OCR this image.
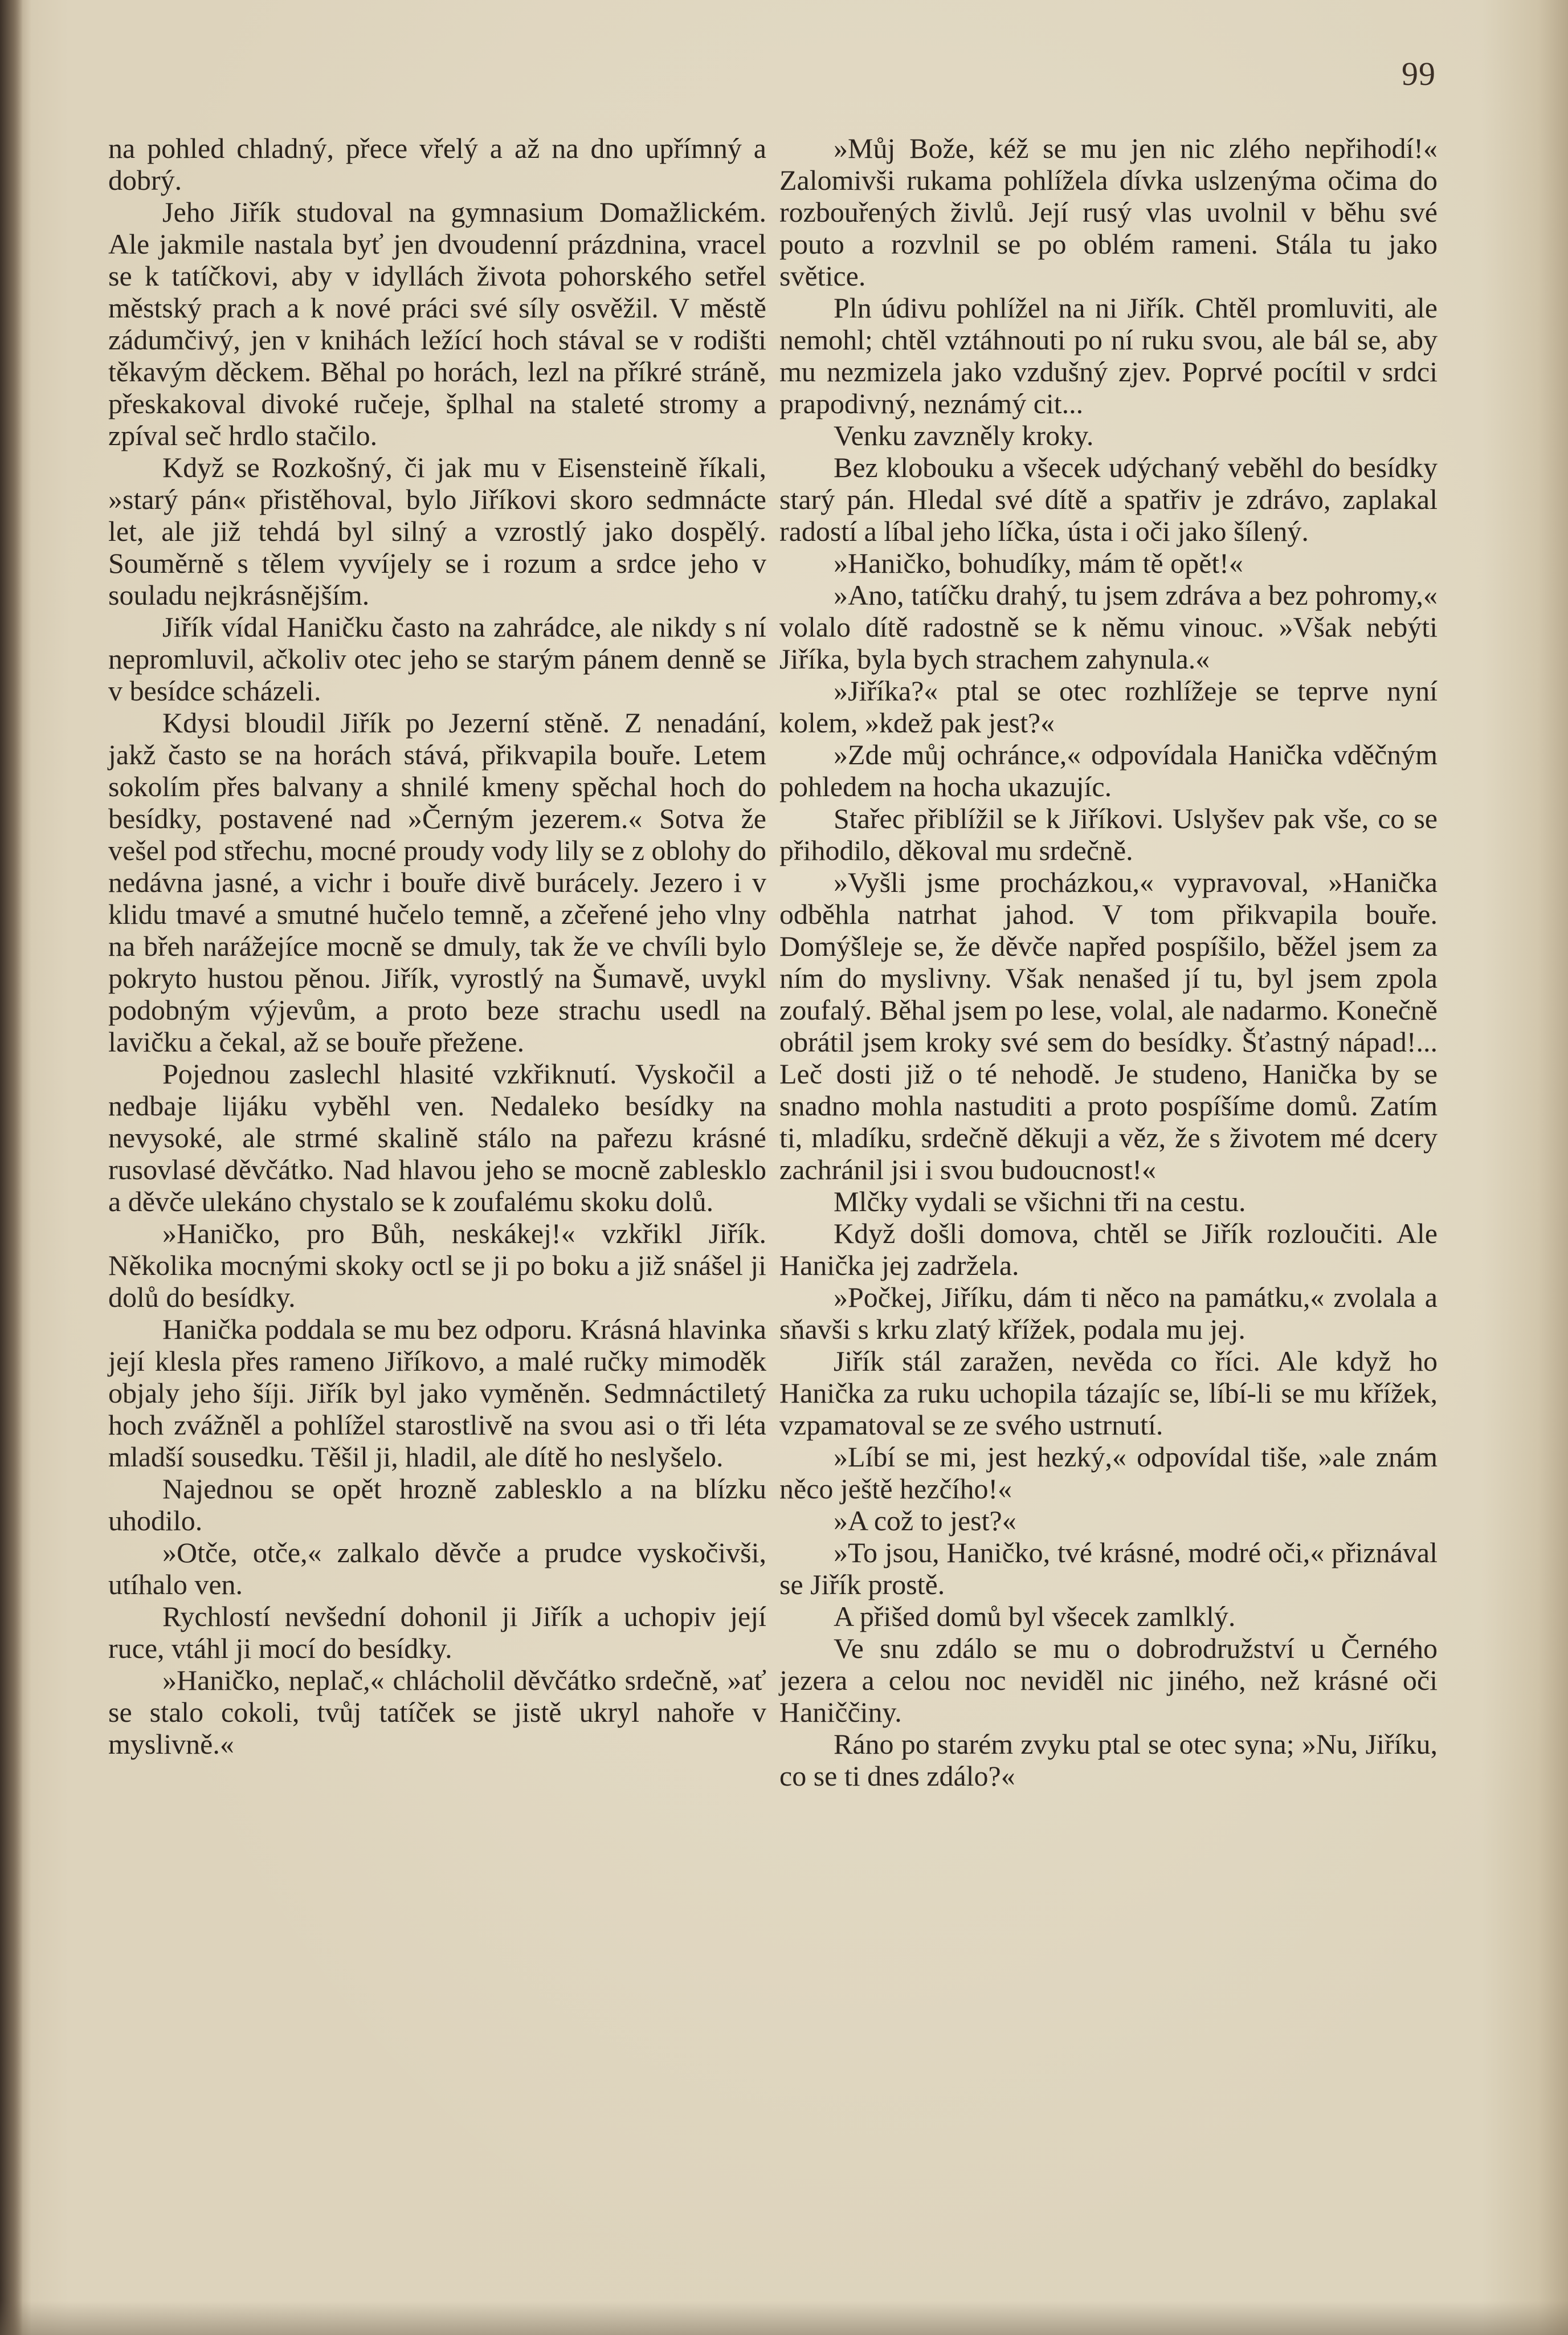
99

na pohled chladný, přece vřelý a až na dno upřímný a dobrý.

Jeho Jiřík studoval na gymnasium Domažlickém. Ale jakmile nastala byť jen dvoudenní prázdnina, vracel se k tatíčkovi, aby v idyllách života pohorského setřel městský prach a k nové práci své síly osvěžil. V městě zádumčivý, jen v knihách ležící hoch stával se v rodišti těkavým děckem. Běhal po horách, lezl na příkré stráně, přeskakoval divoké ručeje, šplhal na staleté stromy a zpíval seč hrdlo stačilo.

Když se Rozkošný, či jak mu v Eisensteině říkali, »starý pán« přistěhoval, bylo Jiříkovi skoro sedmnácte let, ale již tehdá byl silný a vzrostlý jako dospělý. Souměrně s tělem vyvíjely se i rozum a srdce jeho v souladu nejkrásnějším.

Jiřík vídal Haničku často na zahrádce, ale nikdy s ní nepromluvil, ačkoliv otec jeho se starým pánem denně se v besídce scházeli.

Kdysi bloudil Jiřík po Jezerní stěně. Z nenadání, jakž často se na horách stává, přikvapila bouře. Letem sokolím přes balvany a shnilé kmeny spěchal hoch do besídky, postavené nad »Černým jezerem.« Sotva že vešel pod střechu, mocné proudy vody lily se z oblohy do nedávna jasné, a vichr i bouře divě burácely. Jezero i v klidu tmavé a smutné hučelo temně, a zčeřené jeho vlny na břeh narážejíce mocně se dmuly, tak že ve chvíli bylo pokryto hustou pěnou. Jiřík, vyrostlý na Šumavě, uvykl podobným výjevům, a proto beze strachu usedl na lavičku a čekal, až se bouře přežene.

Pojednou zaslechl hlasité vzkřiknutí. Vyskočil a nedbaje lijáku vyběhl ven. Nedaleko besídky na nevysoké, ale strmé skalině stálo na pařezu krásné rusovlasé děvčátko. Nad hlavou jeho se mocně zablesklo a děvče ulekáno chystalo se k zoufalému skoku dolů.

»Haničko, pro Bůh, neskákej!« vzkřikl Jiřík. Několika mocnými skoky octl se ji po boku a již snášel ji dolů do besídky.

Hanička poddala se mu bez odporu. Krásná hlavinka její klesla přes rameno Jiříkovo, a malé ručky mimoděk objaly jeho šíji. Jiřík byl jako vyměněn. Sedmnáctiletý hoch zvážněl a pohlížel starostlivě na svou asi o tři léta mladší sousedku. Těšil ji, hladil, ale dítě ho neslyšelo.

Najednou se opět hrozně zablesklo a na blízku uhodilo.

»Otče, otče,« zalkalo děvče a prudce vyskočivši, utíhalo ven.

Rychlostí nevšední dohonil ji Jiřík a uchopiv její ruce, vtáhl ji mocí do besídky.

»Haničko, neplač,« chlácholil děvčátko srdečně, »ať se stalo cokoli, tvůj tatíček se jistě ukryl nahoře v myslivně.«

»Můj Bože, kéž se mu jen nic zlého nepřihodí!« Zalomivši rukama pohlížela dívka uslzenýma očima do rozbouřených živlů. Její rusý vlas uvolnil v běhu své pouto a rozvlnil se po oblém rameni. Stála tu jako světice.

Pln údivu pohlížel na ni Jiřík. Chtěl promluviti, ale nemohl; chtěl vztáhnouti po ní ruku svou, ale bál se, aby mu nezmizela jako vzdušný zjev. Poprvé pocítil v srdci prapodivný, neznámý cit...

Venku zavzněly kroky.

Bez klobouku a všecek udýchaný veběhl do besídky starý pán. Hledal své dítě a spatřiv je zdrávo, zaplakal radostí a líbal jeho líčka, ústa i oči jako šílený.

»Haničko, bohudíky, mám tě opět!«

»Ano, tatíčku drahý, tu jsem zdráva a bez pohromy,« volalo dítě radostně se k němu vinouc. »Však nebýti Jiříka, byla bych strachem zahynula.«

»Jiříka?« ptal se otec rozhlížeje se teprve nyní kolem, »kdež pak jest?«

»Zde můj ochránce,« odpovídala Hanička vděčným pohledem na hocha ukazujíc.

Stařec přiblížil se k Jiříkovi. Uslyšev pak vše, co se přihodilo, děkoval mu srdečně.

»Vyšli jsme procházkou,« vypravoval, »Hanička odběhla natrhat jahod. V tom přikvapila bouře. Domýšleje se, že děvče napřed pospíšilo, běžel jsem za ním do myslivny. Však nenašed jí tu, byl jsem zpola zoufalý. Běhal jsem po lese, volal, ale nadarmo. Konečně obrátil jsem kroky své sem do besídky. Šťastný nápad!... Leč dosti již o té nehodě. Je studeno, Hanička by se snadno mohla nastuditi a proto pospíšíme domů. Zatím ti, mladíku, srdečně děkuji a věz, že s životem mé dcery zachránil jsi i svou budoucnost!«

Mlčky vydali se všichni tři na cestu.

Když došli domova, chtěl se Jiřík rozloučiti. Ale Hanička jej zadržela.

»Počkej, Jiříku, dám ti něco na památku,« zvolala a sňavši s krku zlatý křížek, podala mu jej.

Jiřík stál zaražen, nevěda co říci. Ale když ho Hanička za ruku uchopila tázajíc se, líbí-li se mu křížek, vzpamatoval se ze svého ustrnutí.

»Líbí se mi, jest hezký,« odpovídal tiše, »ale znám něco ještě hezčího!«

»A což to jest?«

»To jsou, Haničko, tvé krásné, modré oči,« přiznával se Jiřík prostě.

A přišed domů byl všecek zamlklý.

Ve snu zdálo se mu o dobrodružství u Černého jezera a celou noc neviděl nic jiného, než krásné oči Haniččiny.

Ráno po starém zvyku ptal se otec syna; »Nu, Jiříku, co se ti dnes zdálo?«
